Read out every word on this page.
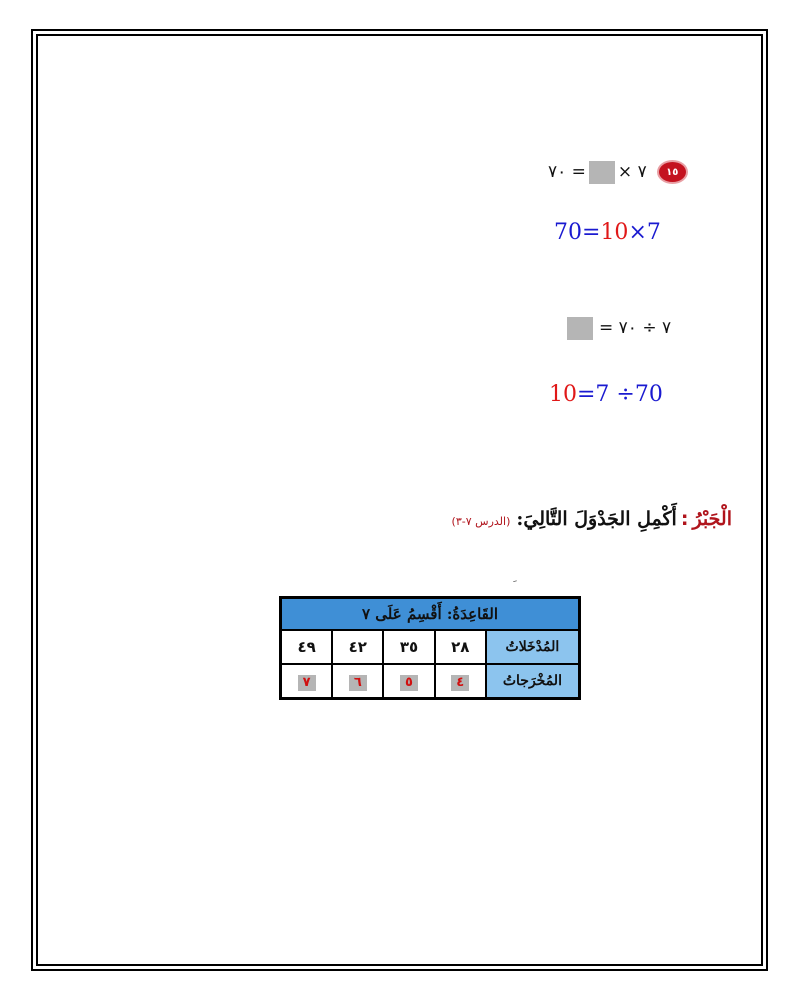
٧٠ = × ٧	١٥
70=10×7
= ٧ ÷ ٧٠
10=7 ÷70
الْجَبْرُ
:
أَكْمِلِ الجَدْوَلَ التَّالِيَ:
(الدرس ٧-٣)
القَاعِدَةُ: أَقْسِمُ عَلَى ٧				
المُدْخَلاتُ	٢٨	٣٥	٤٢	٤٩
المُخْرَجاتُ	٤	٥	٦	٧
